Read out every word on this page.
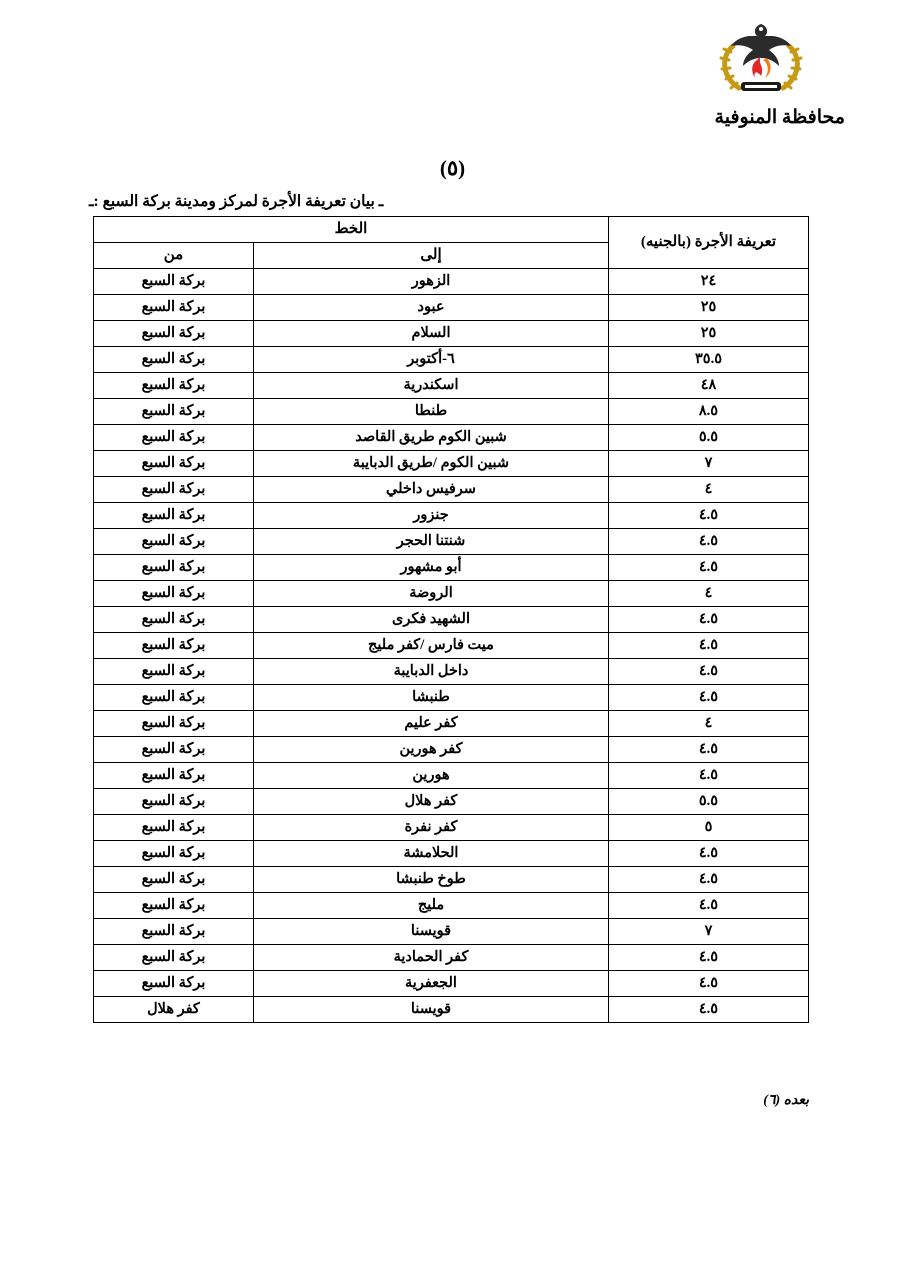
محافظة المنوفية
(٥)
ـ بيان تعريفة الأجرة لمركز ومدينة بركة السبع :ـ
تعريفة الأجرة (بالجنيه)	الخط	
	إلى	من
٢٤	الزهور	بركة السبع
٢٥	عبود	بركة السبع
٢٥	السلام	بركة السبع
٣٥.٥	٦-أكتوبر	بركة السبع
٤٨	اسكندرية	بركة السبع
٨.٥	طنطا	بركة السبع
٥.٥	شبين الكوم طريق القاصد	بركة السبع
٧	شبين الكوم /طريق الدبايبة	بركة السبع
٤	سرفيس داخلي	بركة السبع
٤.٥	جنزور	بركة السبع
٤.٥	شنتنا الحجر	بركة السبع
٤.٥	أبو مشهور	بركة السبع
٤	الروضة	بركة السبع
٤.٥	الشهيد فكرى	بركة السبع
٤.٥	ميت فارس /كفر مليج	بركة السبع
٤.٥	داخل الدبايبة	بركة السبع
٤.٥	طنبشا	بركة السبع
٤	كفر عليم	بركة السبع
٤.٥	كفر هورين	بركة السبع
٤.٥	هورين	بركة السبع
٥.٥	كفر هلال	بركة السبع
٥	كفر نفرة	بركة السبع
٤.٥	الحلامشة	بركة السبع
٤.٥	طوخ طنبشا	بركة السبع
٤.٥	مليج	بركة السبع
٧	قويسنا	بركة السبع
٤.٥	كفر الحمادية	بركة السبع
٤.٥	الجعفرية	بركة السبع
٤.٥	قويسنا	كفر هلال
بعده (٦)
